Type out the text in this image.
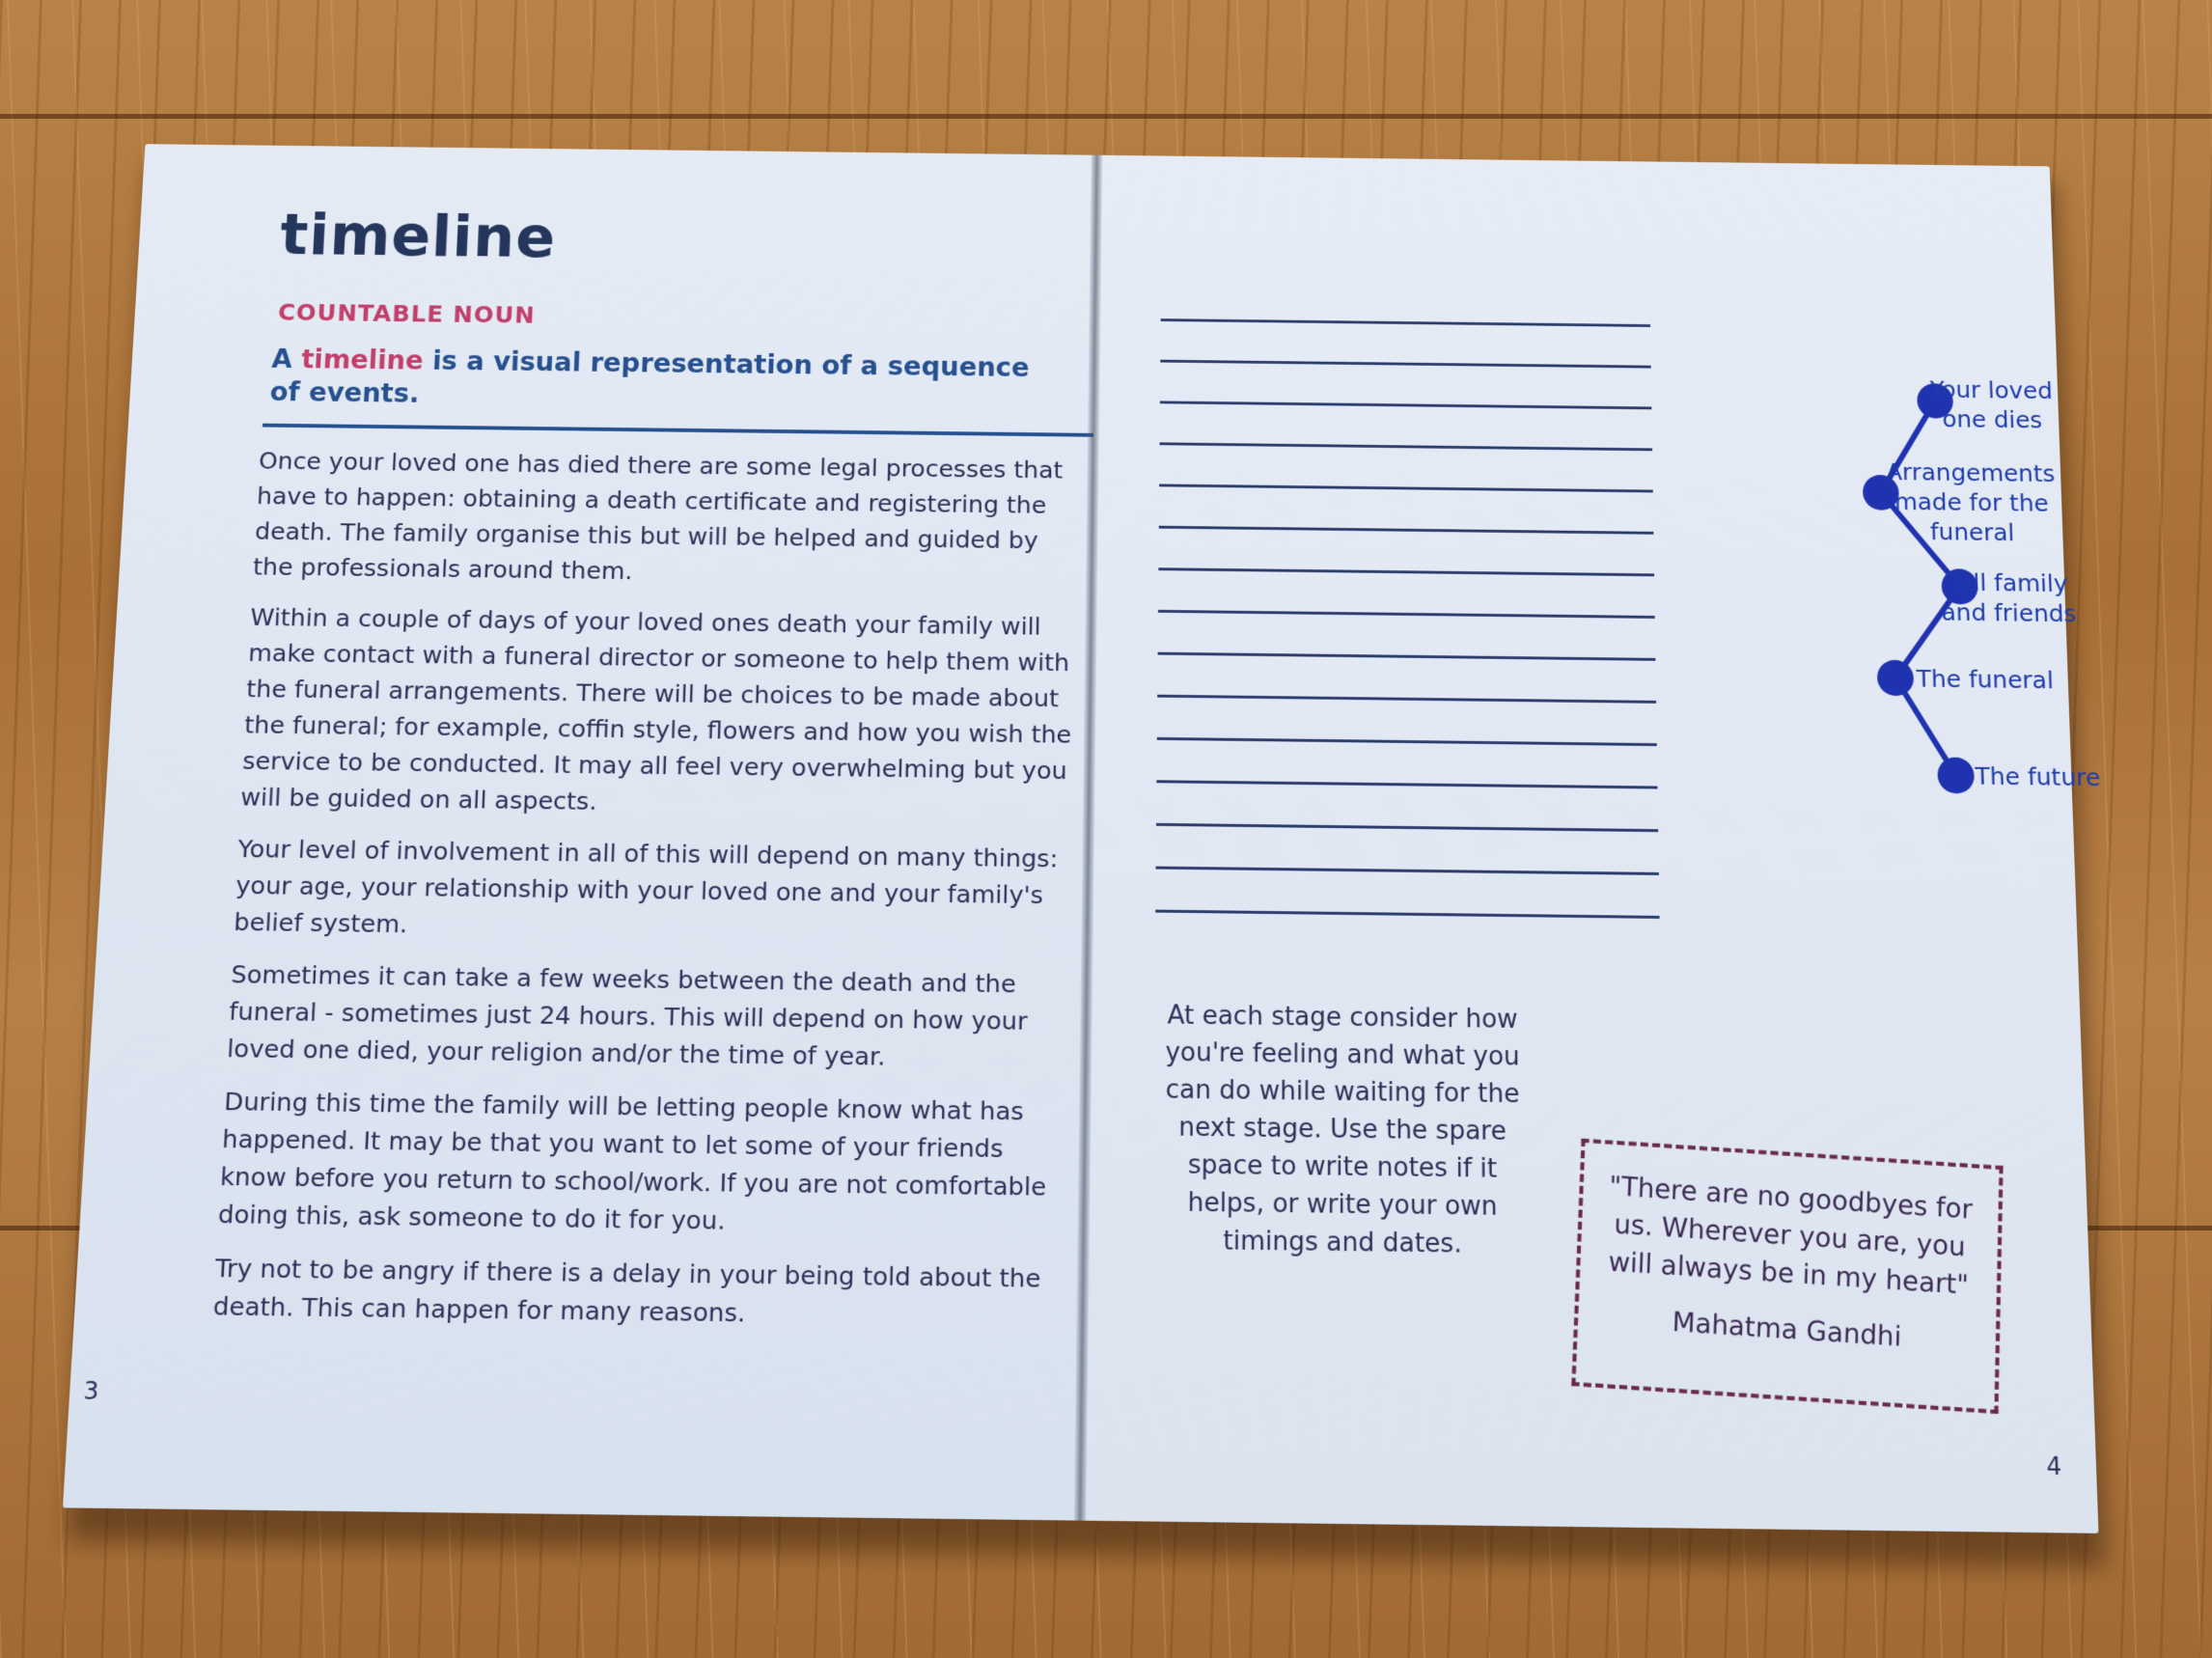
timeline
COUNTABLE NOUN
A timeline is a visual representation of a sequence of events.

Once your loved one has died there are some legal processes that have to happen: obtaining a death certificate and registering the death. The family organise this but will be helped and guided by the professionals around them.

Within a couple of days of your loved ones death your family will make contact with a funeral director or someone to help them with the funeral arrangements. There will be choices to be made about the funeral; for example, coffin style, flowers and how you wish the service to be conducted. It may all feel very overwhelming but you will be guided on all aspects.

Your level of involvement in all of this will depend on many things: your age, your relationship with your loved one and your family's belief system.

Sometimes it can take a few weeks between the death and the funeral - sometimes just 24 hours. This will depend on how your loved one died, your religion and/or the time of year.

During this time the family will be letting people know what has happened. It may be that you want to let some of your friends know before you return to school/work. If you are not comfortable doing this, ask someone to do it for you.

Try not to be angry if there is a delay in your being told about the death. This can happen for many reasons.

3
Your loved
one dies
Arrangements
made for the
funeral
Tell family
and friends
The funeral
The future
At each stage consider how you're feeling and what you can do while waiting for the next stage. Use the spare space to write notes if it helps, or write your own timings and dates.
"There are no goodbyes for us. Wherever you are, you will always be in my heart"
Mahatma Gandhi
4
